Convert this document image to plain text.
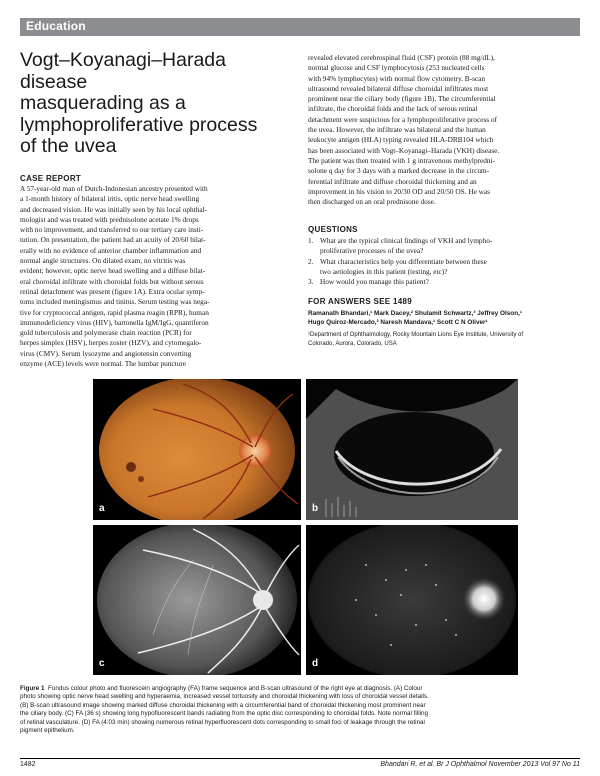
Education
Vogt–Koyanagi–Harada disease
masquerading as a
lymphoproliferative process
of the uvea
CASE REPORT
A 57-year-old man of Dutch-Indonesian ancestry presented with
a 1-month history of bilateral iritis, optic nerve head swelling
and decreased vision. He was initially seen by his local ophthal-
mologist and was treated with prednisolone acetate 1% drops
with no improvement, and transferred to our tertiary care insti-
tution. On presentation, the patient had an acuity of 20/60 bilat-
erally with no evidence of anterior chamber inflammation and
normal angle structures. On dilated exam, no vitritis was
evident; however, optic nerve head swelling and a diffuse bilat-
eral choroidal infiltrate with choroidal folds but without serous
retinal detachment was present (figure 1A). Extra ocular symp-
toms included meningismus and tinitus. Serum testing was nega-
tive for cryptococcal antigen, rapid plasma reagin (RPR), human
immunodeficiency virus (HIV), bartonella IgM/IgG, quantiferon
gold tuberculosis and polymerase chain reaction (PCR) for
herpes simplex (HSV), herpes zoster (HZV), and cytomegalo-
virus (CMV). Serum lysozyme and angiotensin converting
enzyme (ACE) levels were normal. The lumbar puncture
revealed elevated cerebrospinal fluid (CSF) protein (88 mg/dL),
normal glucose and CSF lymphocytosis (253 nucleated cells
with 94% lymphocytes) with normal flow cytometry. B-scan
ultrasound revealed bilateral diffuse choroidal infiltrates most
prominent near the ciliary body (figure 1B). The circumferential
infiltrate, the choroidal folds and the lack of serous retinal
detachment were suspicious for a lymphoproliferative process of
the uvea. However, the infiltrate was bilateral and the human
leukocyte antigen (HLA) typing revealed HLA-DRB104 which
has been associated with Vogt–Koyanagi–Harada (VKH) disease.
The patient was then treated with 1 g intravenous methylpredni-
solone q day for 3 days with a marked decrease in the circum-
ferential infiltrate and diffuse choroidal thickening and an
improvement in his vision to 20/30 OD and 20/50 OS. He was
then discharged on an oral prednisone dose.
QUESTIONS
1. What are the typical clinical findings of VKH and lympho-
proliferative processes of the uvea?
2. What characteristics help you differentiate between these
two aetiologies in this patient (testing, etc)?
3. How would you manage this patient?
FOR ANSWERS SEE 1489
Ramanath Bhandari,¹ Mark Dacey,² Shulamit Schwartz,³ Jeffrey Olson,¹
Hugo Quiroz-Mercado,³ Naresh Mandava,¹ Scott C N Oliver¹
¹Department of Ophthalmology, Rocky Mountain Lions Eye Institute, University of
Colorado, Aurora, Colorado, USA
a	b
c	d
Figure 1 Fundus colour photo and fluorescein angiography (FA) frame sequence and B-scan ultrasound of the right eye at diagnosis. (A) Colour
photo showing optic nerve head swelling and hyperaemia, increased vessel tortuosity and choroidal thickening with loss of choroidal vessel details.
(B) B-scan ultrasound image showing marked diffuse choroidal thickening with a circumferential band of choroidal thickening most prominent near
the ciliary body. (C) FA (36 s) showing long hypofluorescent bands radiating from the optic disc corresponding to choroidal folds. Note normal filling
of retinal vasculature. (D) FA (4:03 min) showing numerous retinal hyperfluorescent dots corresponding to small foci of leakage through the retinal
pigment epithelium.
1482	Bhandari R, et al. Br J Ophthalmol November 2013 Vol 97 No 11
